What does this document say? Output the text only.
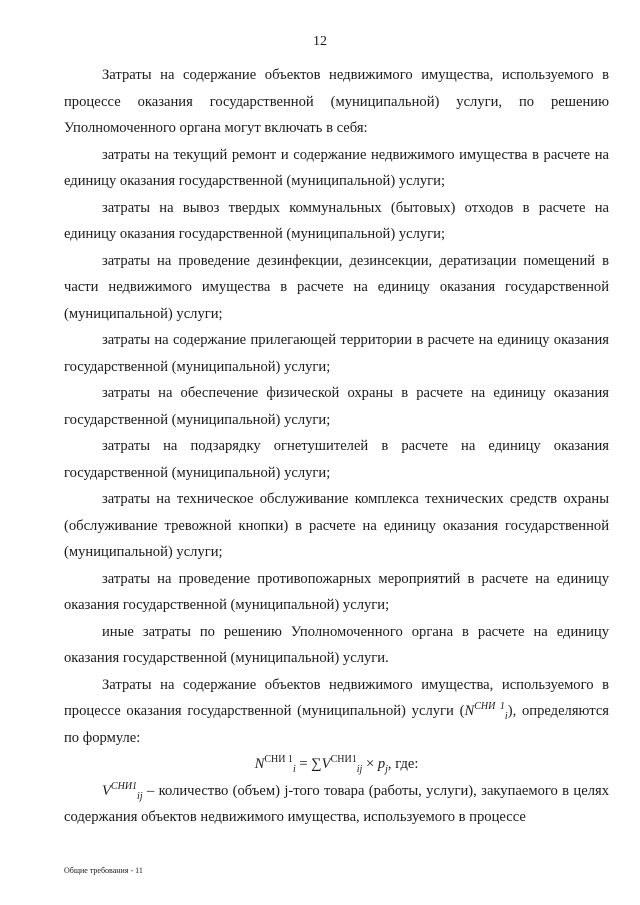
12

Затраты на содержание объектов недвижимого имущества, используемого в процессе оказания государственной (муниципальной) услуги, по решению Уполномоченного органа могут включать в себя:

затраты на текущий ремонт и содержание недвижимого имущества в расчете на единицу оказания государственной (муниципальной) услуги;

затраты на вывоз твердых коммунальных (бытовых) отходов в расчете на единицу оказания государственной (муниципальной) услуги;

затраты на проведение дезинфекции, дезинсекции, дератизации помещений в части недвижимого имущества в расчете на единицу оказания государственной (муниципальной) услуги;

затраты на содержание прилегающей территории в расчете на единицу оказания государственной (муниципальной) услуги;

затраты на обеспечение физической охраны в расчете на единицу оказания государственной (муниципальной) услуги;

затраты на подзарядку огнетушителей в расчете на единицу оказания государственной (муниципальной) услуги;

затраты на техническое обслуживание комплекса технических средств охраны (обслуживание тревожной кнопки) в расчете на единицу оказания государственной (муниципальной) услуги;

затраты на проведение противопожарных мероприятий в расчете на единицу оказания государственной (муниципальной) услуги;

иные затраты по решению Уполномоченного органа в расчете на единицу оказания государственной (муниципальной) услуги.

Затраты на содержание объектов недвижимого имущества, используемого в процессе оказания государственной (муниципальной) услуги $(N^{СНИ 1}_i)$, определяются по формуле:

$N^{СНИ 1}_i = \sum V^{СНИ1}_{ij} \times p_j$, где:

$V^{СНИ1}_{ij}$ – количество (объем) j-того товара (работы, услуги), закупаемого в целях содержания объектов недвижимого имущества, используемого в процессе

Общие требования - 11
